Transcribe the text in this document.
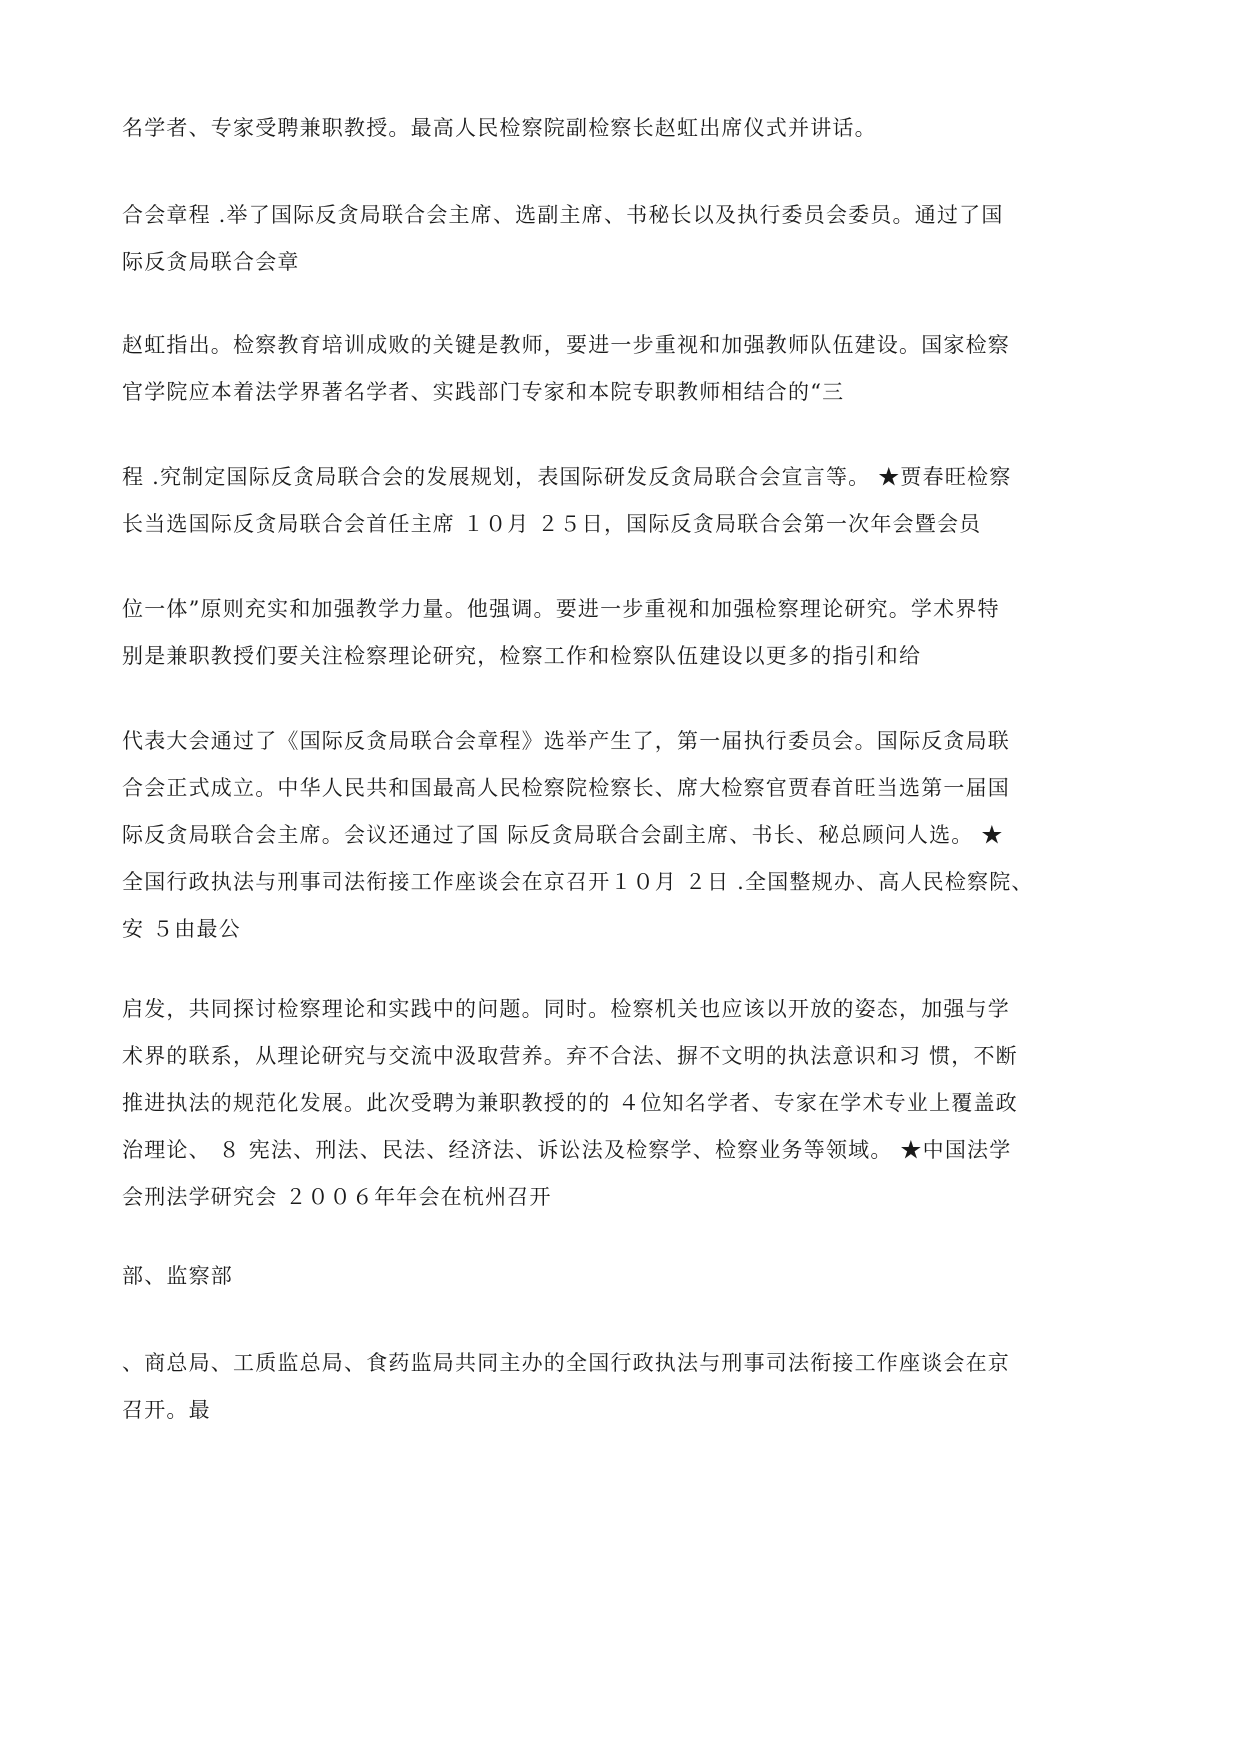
名学者、专家受聘兼职教授。最高人民检察院副检察长赵虹出席仪式并讲话。
合会章程 .举了国际反贪局联合会主席、选副主席、书秘长以及执行委员会委员。通过了国
际反贪局联合会章
赵虹指出。检察教育培训成败的关键是教师，要进一步重视和加强教师队伍建设。国家检察
官学院应本着法学界著名学者、实践部门专家和本院专职教师相结合的“三
程 .究制定国际反贪局联合会的发展规划，表国际研发反贪局联合会宣言等。 ★贾春旺检察
长当选国际反贪局联合会首任主席 １０月 ２５日，国际反贪局联合会第一次年会暨会员
位一体”原则充实和加强教学力量。他强调。要进一步重视和加强检察理论研究。学术界特
别是兼职教授们要关注检察理论研究，检察工作和检察队伍建设以更多的指引和给
代表大会通过了《国际反贪局联合会章程》选举产生了，第一届执行委员会。国际反贪局联
合会正式成立。中华人民共和国最高人民检察院检察长、席大检察官贾春首旺当选第一届国
际反贪局联合会主席。会议还通过了国 际反贪局联合会副主席、书长、秘总顾问人选。 ★
全国行政执法与刑事司法衔接工作座谈会在京召开１０月 ２日 .全国整规办、高人民检察院、
安 ５由最公
启发，共同探讨检察理论和实践中的问题。同时。检察机关也应该以开放的姿态，加强与学
术界的联系，从理论研究与交流中汲取营养。弃不合法、摒不文明的执法意识和习 惯，不断
推进执法的规范化发展。此次受聘为兼职教授的的 ４位知名学者、专家在学术专业上覆盖政
治理论、 ８ 宪法、刑法、民法、经济法、诉讼法及检察学、检察业务等领域。 ★中国法学
会刑法学研究会 ２００６年年会在杭州召开
部、监察部
、商总局、工质监总局、食药监局共同主办的全国行政执法与刑事司法衔接工作座谈会在京
召开。最
